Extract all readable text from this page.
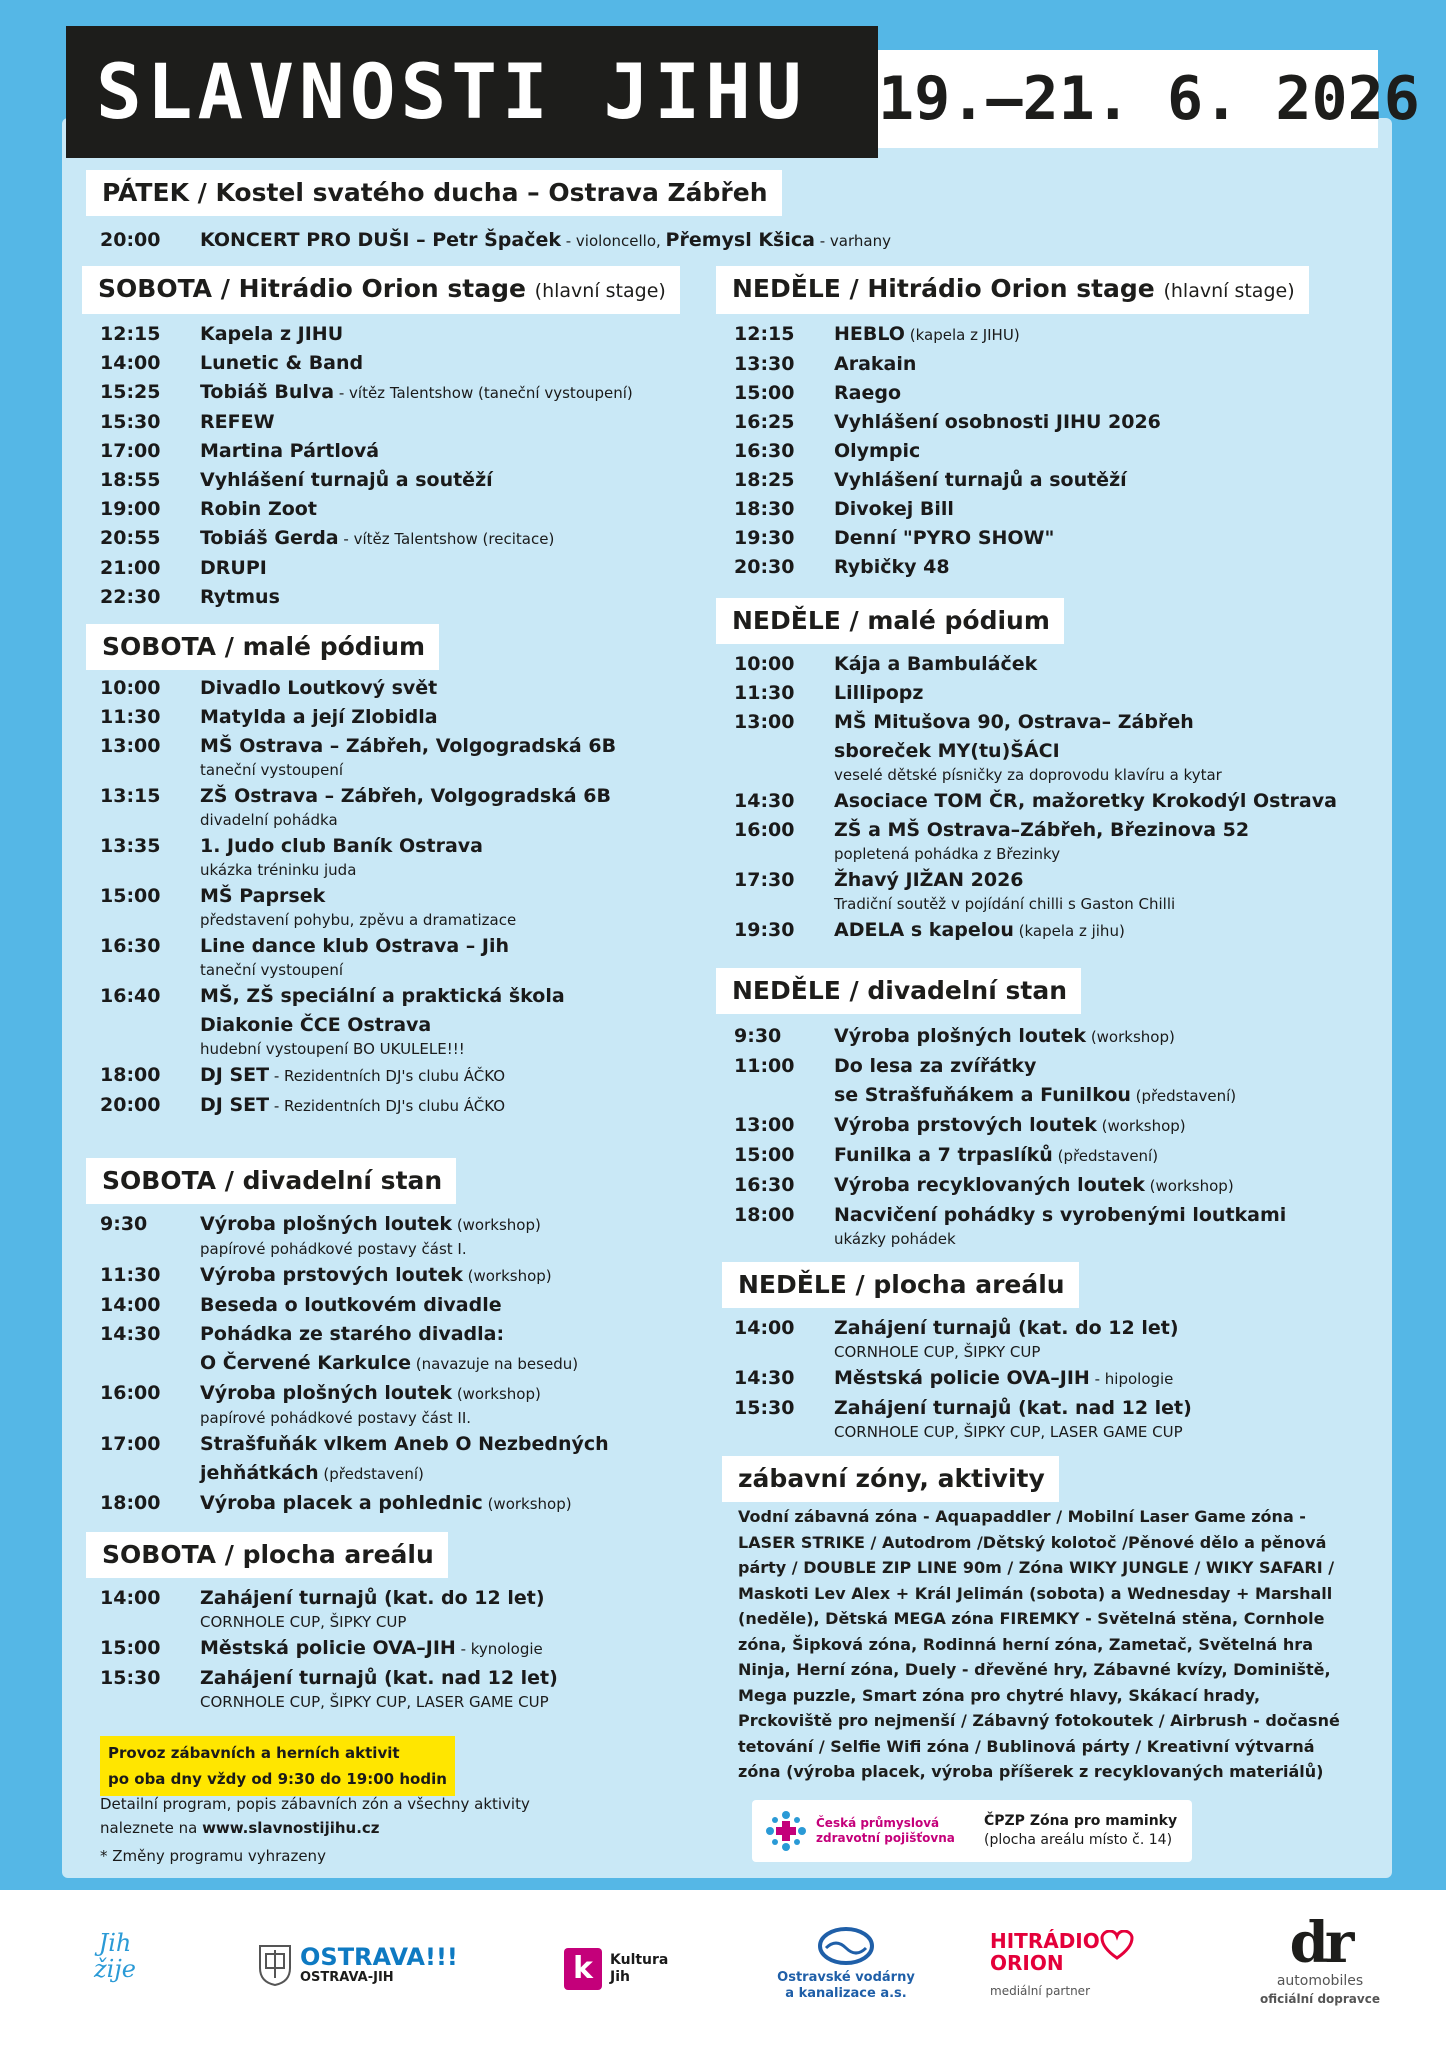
SLAVNOSTI JIHU	19.–21. 6. 2026
PÁTEK / Kostel svatého ducha – Ostrava Zábřeh
20:00	KONCERT PRO DUŠI – Petr Špaček - violoncello, Přemysl Kšica - varhany
SOBOTA / Hitrádio Orion stage (hlavní stage)	NEDĚLE / Hitrádio Orion stage (hlavní stage)
SOBOTA / malé pódium
NEDĚLE / malé pódium
NEDĚLE / divadelní stan
SOBOTA / divadelní stan
NEDĚLE / plocha areálu
SOBOTA / plocha areálu
zábavní zóny, aktivity
12:15	Kapela z JIHU
14:00	Lunetic & Band
15:25	Tobiáš Bulva - vítěz Talentshow (taneční vystoupení)
15:30	REFEW
17:00	Martina Pártlová
18:55	Vyhlášení turnajů a soutěží
19:00	Robin Zoot
20:55	Tobiáš Gerda - vítěz Talentshow (recitace)
21:00	DRUPI
22:30	Rytmus
12:15	HEBLO (kapela z JIHU)
13:30	Arakain
15:00	Raego
16:25	Vyhlášení osobnosti JIHU 2026
16:30	Olympic
18:25	Vyhlášení turnajů a soutěží
18:30	Divokej Bill
19:30	Denní "PYRO SHOW"
20:30	Rybičky 48
10:00	Divadlo Loutkový svět
11:30	Matylda a její Zlobidla
13:00	MŠ Ostrava – Zábřeh, Volgogradská 6B
taneční vystoupení
13:15	ZŠ Ostrava – Zábřeh, Volgogradská 6B
divadelní pohádka
13:35	1. Judo club Baník Ostrava
ukázka tréninku juda
15:00	MŠ Paprsek
představení pohybu, zpěvu a dramatizace
16:30	Line dance klub Ostrava – Jih
taneční vystoupení
16:40	MŠ, ZŠ speciální a praktická škola
Diakonie ČCE Ostrava
hudební vystoupení BO UKULELE!!!
18:00	DJ SET - Rezidentních DJ's clubu ÁČKO
20:00	DJ SET - Rezidentních DJ's clubu ÁČKO
10:00	Kája a Bambuláček
11:30	Lillipopz
13:00	MŠ Mitušova 90, Ostrava– Zábřeh
sboreček MY(tu)ŠÁCI
veselé dětské písničky za doprovodu klavíru a kytar
14:30	Asociace TOM ČR, mažoretky Krokodýl Ostrava
16:00	ZŠ a MŠ Ostrava–Zábřeh, Březinova 52
popletená pohádka z Březinky
17:30	Žhavý JIŽAN 2026
Tradiční soutěž v pojídání chilli s Gaston Chilli
19:30	ADELA s kapelou (kapela z jihu)
9:30	Výroba plošných loutek (workshop)
11:00	Do lesa za zvířátky
se Strašfuňákem a Funilkou (představení)
13:00	Výroba prstových loutek (workshop)
15:00	Funilka a 7 trpaslíků (představení)
16:30	Výroba recyklovaných loutek (workshop)
18:00	Nacvičení pohádky s vyrobenými loutkami
ukázky pohádek
9:30	Výroba plošných loutek (workshop)
papírové pohádkové postavy část I.
11:30	Výroba prstových loutek (workshop)
14:00	Beseda o loutkovém divadle
14:30	Pohádka ze starého divadla:
O Červené Karkulce (navazuje na besedu)
16:00	Výroba plošných loutek (workshop)
papírové pohádkové postavy část II.
17:00	Strašfuňák vlkem Aneb O Nezbedných
jehňátkách (představení)
18:00	Výroba placek a pohlednic (workshop)
14:00	Zahájení turnajů (kat. do 12 let)
CORNHOLE CUP, ŠIPKY CUP
14:30	Městská policie OVA–JIH - hipologie
15:30	Zahájení turnajů (kat. nad 12 let)
CORNHOLE CUP, ŠIPKY CUP, LASER GAME CUP
14:00	Zahájení turnajů (kat. do 12 let)
CORNHOLE CUP, ŠIPKY CUP
15:00	Městská policie OVA–JIH - kynologie
15:30	Zahájení turnajů (kat. nad 12 let)
CORNHOLE CUP, ŠIPKY CUP, LASER GAME CUP
Vodní zábavná zóna - Aquapaddler / Mobilní Laser Game zóna - LASER STRIKE / Autodrom /Dětský kolotoč /Pěnové dělo a pěnová párty / DOUBLE ZIP LINE 90m / Zóna WIKY JUNGLE / WIKY SAFARI / Maskoti Lev Alex + Král Jelimán (sobota) a Wednesday + Marshall (neděle), Dětská MEGA zóna FIREMKY - Světelná stěna, Cornhole zóna, Šipková zóna, Rodinná herní zóna, Zametač, Světelná hra Ninja, Herní zóna, Duely - dřevěné hry, Zábavné kvízy, Dominiště, Mega puzzle, Smart zóna pro chytré hlavy, Skákací hrady, Prckoviště pro nejmenší / Zábavný fotokoutek / Airbrush - dočasné tetování / Selfie Wifi zóna / Bublinová párty / Kreativní výtvarná zóna (výroba placek, výroba příšerek z recyklovaných materiálů)
Provoz zábavních a herních aktivit
po oba dny vždy od 9:30 do 19:00 hodin
Detailní program, popis zábavních zón a všechny aktivity
naleznete na www.slavnostijihu.cz
* Změny programu vyhrazeny
Česká průmyslová
zdravotní pojišťovna
ČPZP Zóna pro maminky
(plocha areálu místo č. 14)
Jih žije	OSTRAVA!!!
OSTRAVA-JIH	k	Kultura
Jih	Ostravské vodárny
a kanalizace a.s.
HITRÁDIO
ORION
mediální partner
dr
automobiles
oficiální dopravce
